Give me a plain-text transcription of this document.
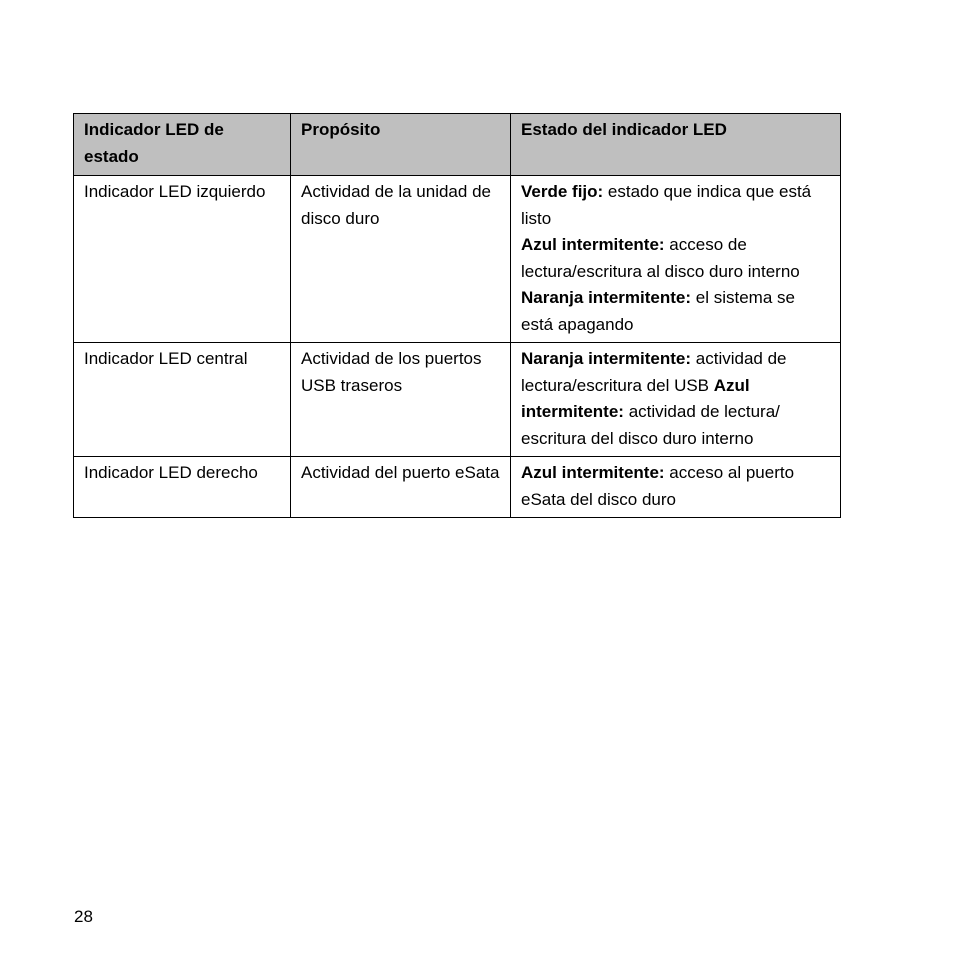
Indicador LED de estado	Propósito	Estado del indicador LED
Indicador LED izquierdo	Actividad de la unidad de disco duro	Verde fijo: estado que indica que está listo
Azul intermitente: acceso de lectura/escritura al disco duro interno
Naranja intermitente: el sistema se está apagando

Indicador LED central	Actividad de los puertos USB traseros	Naranja intermitente: actividad de lectura/escritura del USB Azul intermitente: actividad de lectura/ escritura del disco duro interno
Indicador LED derecho	Actividad del puerto eSata	Azul intermitente: acceso al puerto eSata del disco duro
28
